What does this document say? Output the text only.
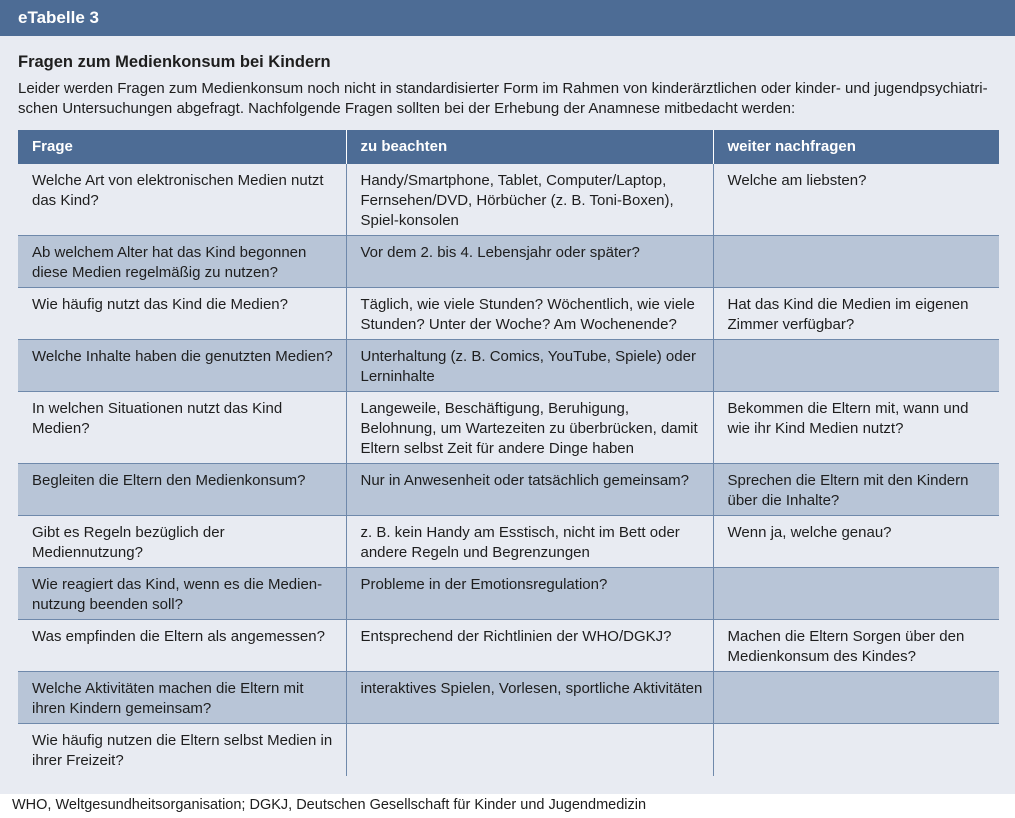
eTabelle 3
Fragen zum Medienkonsum bei Kindern

Leider werden Fragen zum Medienkonsum noch nicht in standardisierter Form im Rahmen von kinderärztlichen oder kinder- und jugendpsychiatri-
schen Untersuchungen abgefragt. Nachfolgende Fragen sollten bei der Erhebung der Anamnese mitbedacht werden:

Frage	zu beachten	weiter nachfragen
Welche Art von elektronischen Medien nutzt das Kind?	Handy/Smartphone, Tablet, Computer/Laptop, Fernsehen/DVD, Hörbücher (z. B. Toni-Boxen), Spiel-konsolen	Welche am liebsten?
Ab welchem Alter hat das Kind begonnen diese Medien regelmäßig zu nutzen?	Vor dem 2. bis 4. Lebensjahr oder später?	
Wie häufig nutzt das Kind die Medien?	Täglich, wie viele Stunden? Wöchentlich, wie viele Stunden? Unter der Woche? Am Wochenende?	Hat das Kind die Medien im eigenen Zimmer verfügbar?
Welche Inhalte haben die genutzten Medien?	Unterhaltung (z. B. Comics, YouTube, Spiele) oder Lerninhalte	
In welchen Situationen nutzt das Kind Medien?	Langeweile, Beschäftigung, Beruhigung, Belohnung, um Wartezeiten zu überbrücken, damit Eltern selbst Zeit für andere Dinge haben	Bekommen die Eltern mit, wann und wie ihr Kind Medien nutzt?
Begleiten die Eltern den Medienkonsum?	Nur in Anwesenheit oder tatsächlich gemeinsam?	Sprechen die Eltern mit den Kindern über die Inhalte?
Gibt es Regeln bezüglich der Mediennutzung?	z. B. kein Handy am Esstisch, nicht im Bett oder andere Regeln und Begrenzungen	Wenn ja, welche genau?
Wie reagiert das Kind, wenn es die Medien-nutzung beenden soll?	Probleme in der Emotionsregulation?	
Was empfinden die Eltern als angemessen?	Entsprechend der Richtlinien der WHO/DGKJ?	Machen die Eltern Sorgen über den Medienkonsum des Kindes?
Welche Aktivitäten machen die Eltern mit ihren Kindern gemeinsam?	interaktives Spielen, Vorlesen, sportliche Aktivitäten	
Wie häufig nutzen die Eltern selbst Medien in ihrer Freizeit?		

WHO, Weltgesundheitsorganisation; DGKJ, Deutschen Gesellschaft für Kinder und Jugendmedizin
